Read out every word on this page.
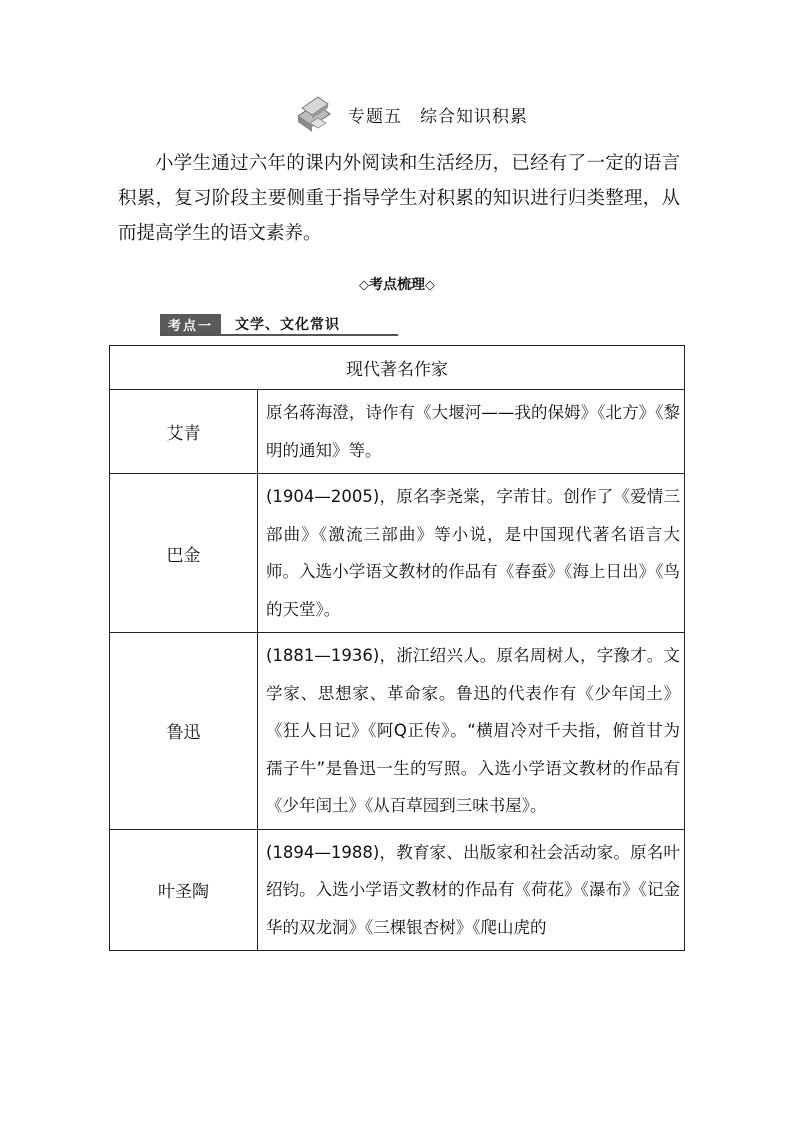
专题五　综合知识积累

小学生通过六年的课内外阅读和生活经历，已经有了一定的语言积累，复习阶段主要侧重于指导学生对积累的知识进行归类整理，从而提高学生的语文素养。

◇考点梳理◇
考点一	文学、文化常识
现代著名作家	
艾青	原名蒋海澄，诗作有《大堰河——我的保姆》《北方》《黎明的通知》等。
巴金	(1904—2005)，原名李尧棠，字芾甘。创作了《爱情三部曲》《激流三部曲》等小说，是中国现代著名语言大师。入选小学语文教材的作品有《春蚕》《海上日出》《鸟的天堂》。
鲁迅	(1881—1936)，浙江绍兴人。原名周树人，字豫才。文学家、思想家、革命家。鲁迅的代表作有《少年闰土》《狂人日记》《阿Q正传》。“横眉冷对千夫指，俯首甘为孺子牛”是鲁迅一生的写照。入选小学语文教材的作品有《少年闰土》《从百草园到三味书屋》。
叶圣陶	(1894—1988)，教育家、出版家和社会活动家。原名叶绍钧。入选小学语文教材的作品有《荷花》《瀑布》《记金华的双龙洞》《三棵银杏树》《爬山虎的
